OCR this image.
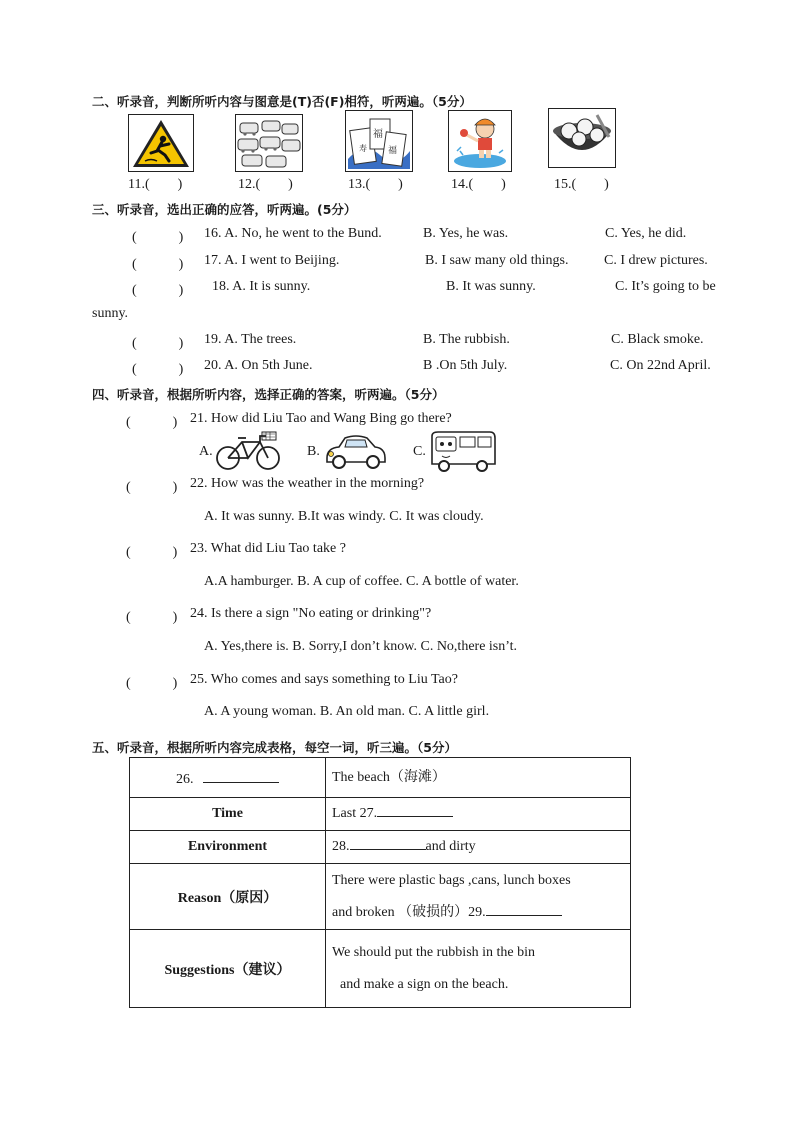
二、听录音，判断所听内容与图意是(T)否(F)相符，听两遍。（5分）
福
福
寿
11.(　　)	12.(　　)	13.(　　)	14.(　　)	15.(　　)
三、听录音，选出正确的应答，听两遍。(5分）
(　　　) 16. A. No, he went to the Bund.	B. Yes, he was.	C. Yes, he did.
(　　　) 17. A. I went to Beijing.	B. I saw many old things.	C. I drew pictures.
(　　　) 18. A. It is sunny.	B. It was sunny.	C. It’s going to be
sunny.
(　　　) 19. A. The trees.	B. The rubbish.	C. Black smoke.
(　　　) 20. A. On 5th June.	B .On 5th July.	C. On 22nd April.
四、听录音，根据所听内容，选择正确的答案，听两遍。（5分）
(　　　) 21. How did Liu Tao and Wang Bing go there?
A.	B.	C.
(　　　) 22. How was the weather in the morning?
A. It was sunny. B.It was windy. C. It was cloudy.
(　　　) 23. What did Liu Tao take ?
A.A hamburger. B. A cup of coffee. C. A bottle of water.
(　　　) 24. Is there a sign "No eating or drinking"?
A. Yes,there is. B. Sorry,I don’t know. C. No,there isn’t.
(　　　) 25. Who comes and says something to Liu Tao?
A. A young woman. B. An old man. C. A little girl.
五、听录音，根据所听内容完成表格，每空一词，听三遍。（5分）
26.	The beach（海滩）
Time	Last 27.
Environment	28. and dirty
Reason（原因）	There were plastic bags ,cans, lunch boxes
and broken （破损的）29.

Suggestions（建议）	We should put the rubbish in the bin
and make a sign on the beach.
